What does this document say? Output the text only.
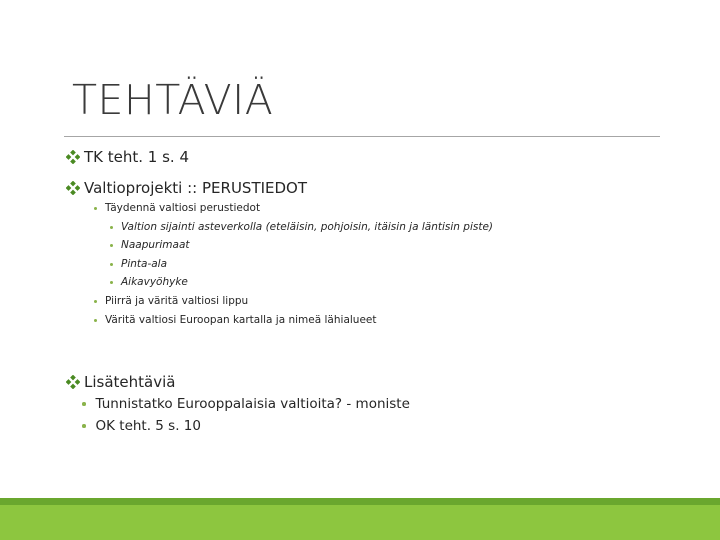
TEHTÄVIÄ
TK teht. 1 s. 4
Valtioprojekti :: PERUSTIEDOT
Täydennä valtiosi perustiedot
Valtion sijainti asteverkolla (eteläisin, pohjoisin, itäisin ja läntisin piste)
Naapurimaat
Pinta-ala
Aikavyöhyke
Piirrä ja väritä valtiosi lippu
Väritä valtiosi Euroopan kartalla ja nimeä lähialueet
Lisätehtäviä
Tunnistatko Eurooppalaisia valtioita? - moniste
OK teht. 5 s. 10
